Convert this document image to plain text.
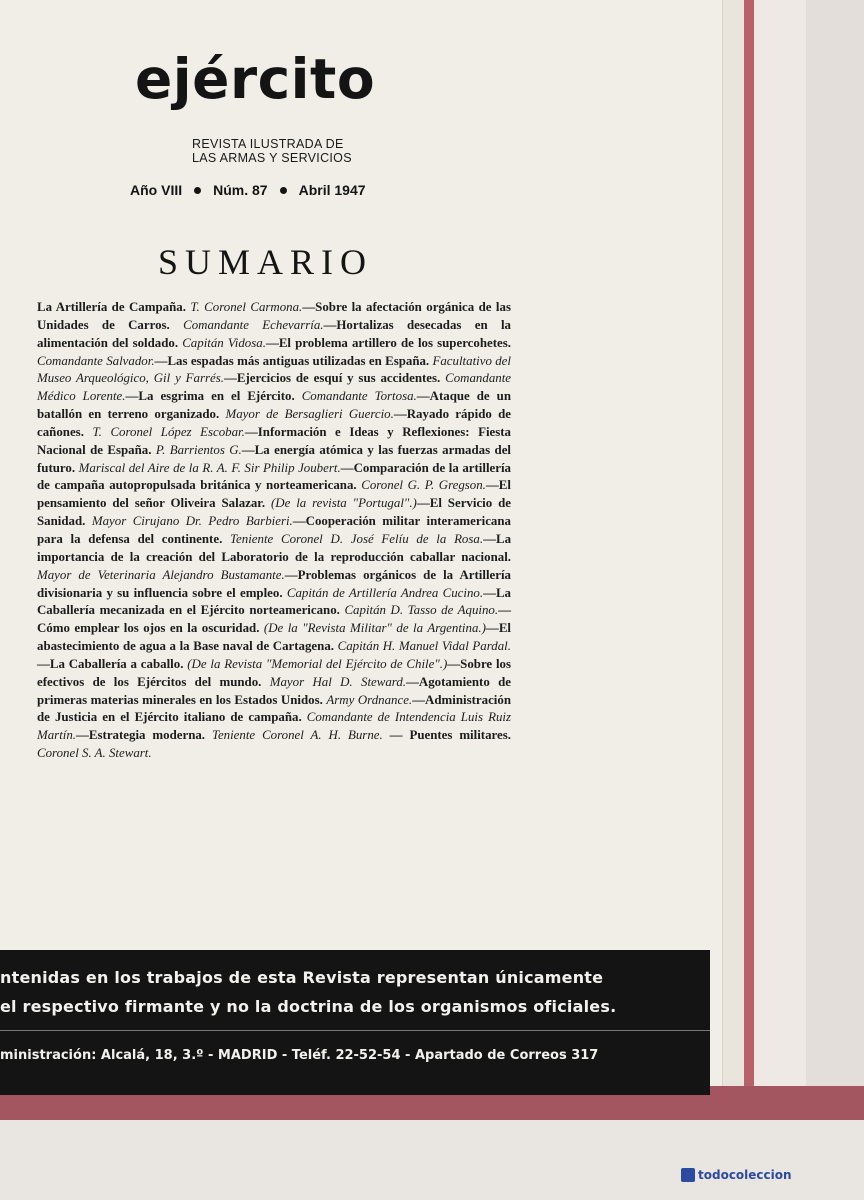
ejército
REVISTA ILUSTRADA DE
LAS ARMAS Y SERVICIOS
Año VIII Núm. 87 Abril 1947
SUMARIO
La Artillería de Campaña. T. Coronel Carmona.—Sobre la afectación orgánica de las Unidades de Carros. Comandante Echevarría.—Hortalizas desecadas en la alimentación del soldado. Capitán Vidosa.—El problema artillero de los supercohetes. Comandante Salvador.—Las espadas más antiguas utilizadas en España. Facultativo del Museo Arqueológico, Gil y Farrés.—Ejercicios de esquí y sus accidentes. Comandante Médico Lorente.—La esgrima en el Ejército. Comandante Tortosa.—Ataque de un batallón en terreno organizado. Mayor de Bersaglieri Guercio.—Rayado rápido de cañones. T. Coronel López Escobar.—Información e Ideas y Reflexiones: Fiesta Nacional de España. P. Barrientos G.—La energía atómica y las fuerzas armadas del futuro. Mariscal del Aire de la R. A. F. Sir Philip Joubert.—Comparación de la artillería de campaña autopropulsada británica y norteamericana. Coronel G. P. Gregson.—El pensamiento del señor Oliveira Salazar. (De la revista "Portugal".)—El Servicio de Sanidad. Mayor Cirujano Dr. Pedro Barbieri.—Cooperación militar interamericana para la defensa del continente. Teniente Coronel D. José Felíu de la Rosa.—La importancia de la creación del Laboratorio de la reproducción caballar nacional. Mayor de Veterinaria Alejandro Bustamante.—Problemas orgánicos de la Artillería divisionaria y su influencia sobre el empleo. Capitán de Artillería Andrea Cucino.—La Caballería mecanizada en el Ejército norteamericano. Capitán D. Tasso de Aquino.—Cómo emplear los ojos en la oscuridad. (De la "Revista Militar" de la Argentina.)—El abastecimiento de agua a la Base naval de Cartagena. Capitán H. Manuel Vidal Pardal.—La Caballería a caballo. (De la Revista "Memorial del Ejército de Chile".)—Sobre los efectivos de los Ejércitos del mundo. Mayor Hal D. Steward.—Agotamiento de primeras materias minerales en los Estados Unidos. Army Ordnance.—Administración de Justicia en el Ejército italiano de campaña. Comandante de Intendencia Luis Ruiz Martín.—Estrategia moderna. Teniente Coronel A. H. Burne. — Puentes militares. Coronel S. A. Stewart.
ntenidas en los trabajos de esta Revista representan únicamente
el respectivo firmante y no la doctrina de los organismos oficiales.
ministración: Alcalá, 18, 3.º - MADRID - Teléf. 22-52-54 - Apartado de Correos 317
todocoleccion
